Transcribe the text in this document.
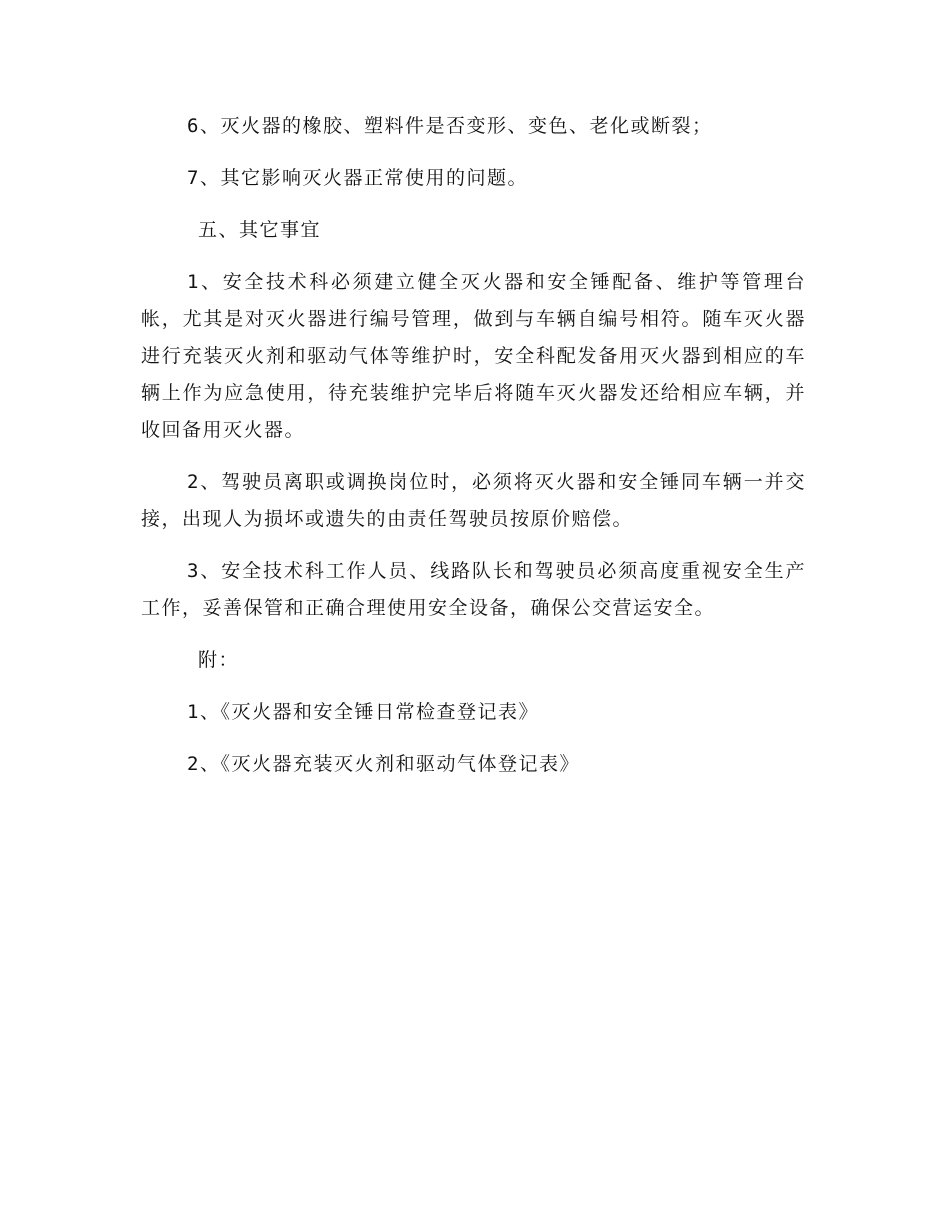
6、灭火器的橡胶、塑料件是否变形、变色、老化或断裂；

7、其它影响灭火器正常使用的问题。

五、其它事宜

1、安全技术科必须建立健全灭火器和安全锤配备、维护等管理台帐，尤其是对灭火器进行编号管理，做到与车辆自编号相符。随车灭火器进行充装灭火剂和驱动气体等维护时，安全科配发备用灭火器到相应的车辆上作为应急使用，待充装维护完毕后将随车灭火器发还给相应车辆，并收回备用灭火器。

2、驾驶员离职或调换岗位时，必须将灭火器和安全锤同车辆一并交接，出现人为损坏或遗失的由责任驾驶员按原价赔偿。

3、安全技术科工作人员、线路队长和驾驶员必须高度重视安全生产工作，妥善保管和正确合理使用安全设备，确保公交营运安全。

附：

1、《灭火器和安全锤日常检查登记表》

2、《灭火器充装灭火剂和驱动气体登记表》
